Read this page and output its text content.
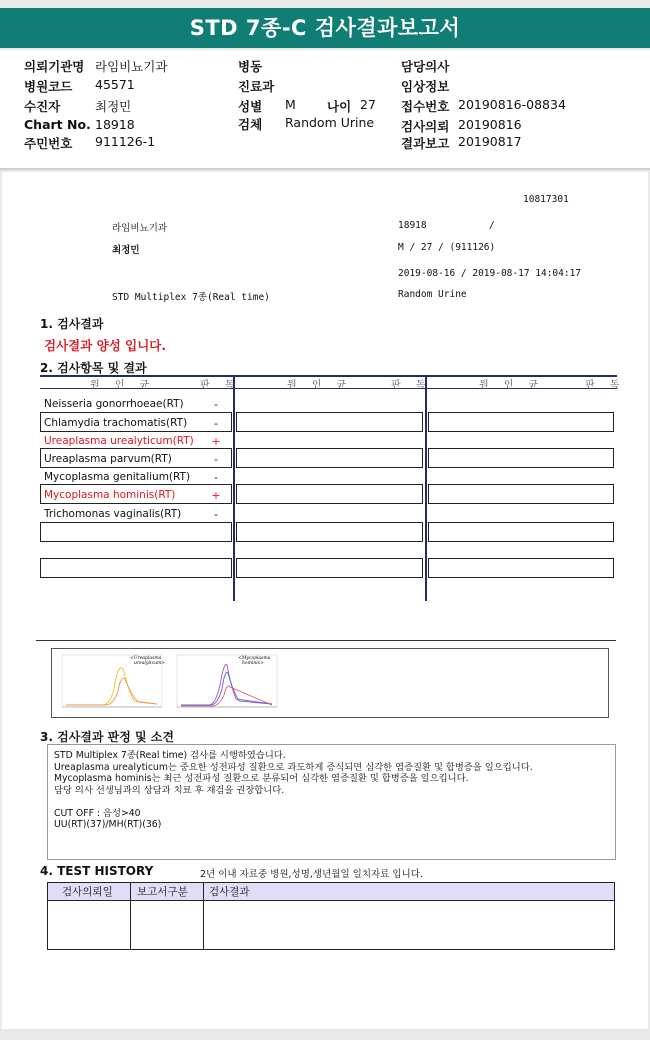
STD 7종-C 검사결과보고서
의뢰기관명 라임비뇨기과
병원코드 45571
수진자	최정민
Chart No. 18918
주민번호 911126-1
병동
진료과
성별 M 나이 27
검체 Random Urine
담당의사
임상정보
접수번호 20190816-08834
검사의뢰 20190816
결과보고 20190817
10817301
라임비뇨기과	18918	/
최정민	M / 27 / (911126)
2019-08-16 / 2019-08-17 14:04:17
STD Multiplex 7종(Real time)	Random Urine
1. 검사결과
검사결과 양성 입니다.
2. 검사항목 및 결과
원 인 균	판 독	원 인 균	판 독	원 인 균	판 독
Neisseria gonorrhoeae(RT)	-
Chlamydia trachomatis(RT)	-
Ureaplasma urealyticum(RT) +
Ureaplasma parvum(RT)	-
Mycoplasma genitalium(RT)	-
Mycoplasma hominis(RT)	+
Trichomonas vaginalis(RT)	-
<Ureaplasma
urealyticum>
<Mycoplasma
hominis>
3. 검사결과 판정 및 소견
STD Multiplex 7종(Real time) 검사를 시행하였습니다.
Ureaplasma urealyticum는 중요한 성전파성 질환으로 과도하게 증식되면 심각한 염증질환 및 합병증을 일으킵니다.
Mycoplasma hominis는 최근 성전파성 질환으로 분류되어 심각한 염증질환 및 합병증을 일으킵니다.
담당 의사 선생님과의 상담과 치료 후 재검을 권장합니다.
CUT OFF : 음성>40
UU(RT)(37)/MH(RT)(36)
4. TEST HISTORY	2년 이내 자료중 병원,성명,생년월일 일치자료 입니다.
검사의뢰일 보고서구분 검사결과
